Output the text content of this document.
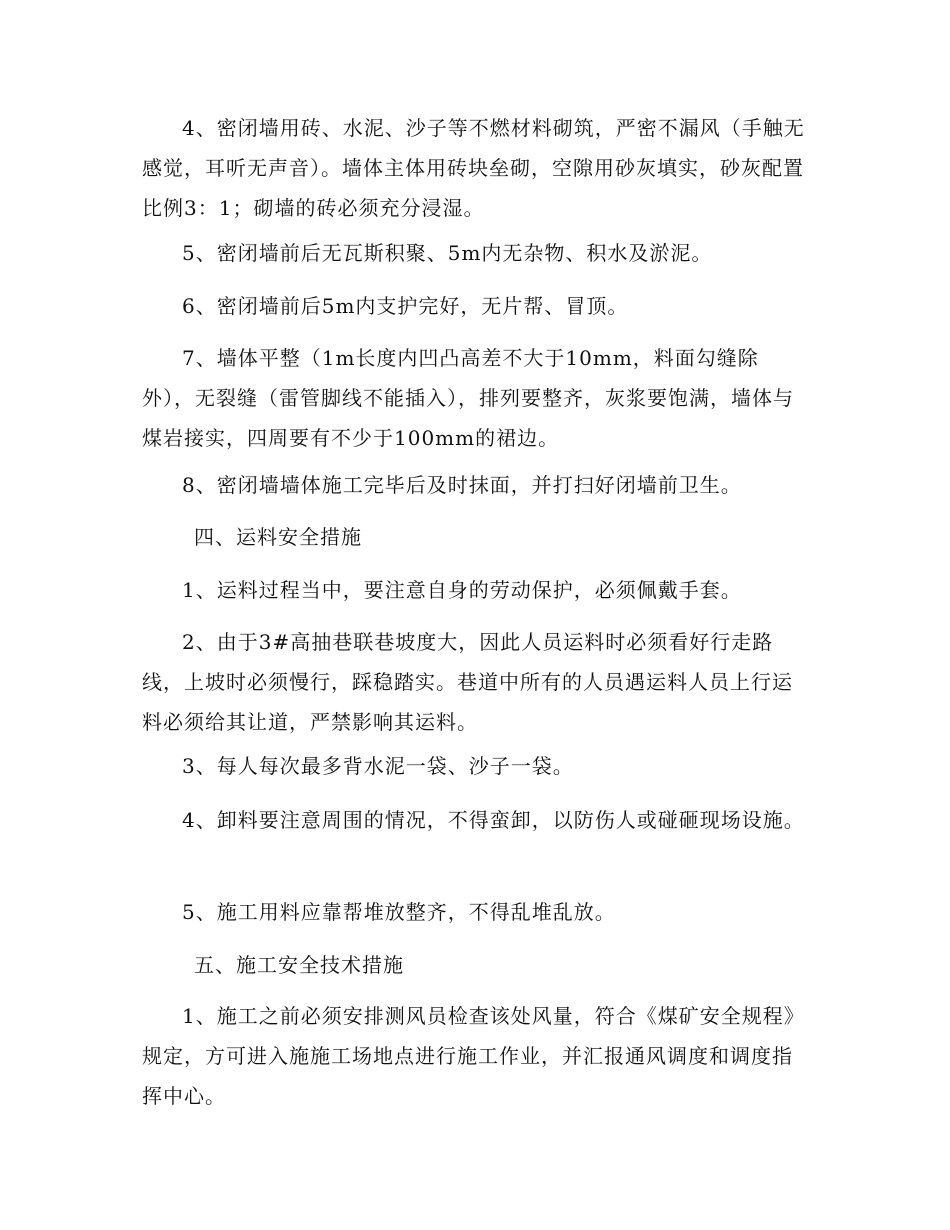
4、密闭墙用砖、水泥、沙子等不燃材料砌筑，严密不漏风（手触无感觉，耳听无声音）。墙体主体用砖块垒砌，空隙用砂灰填实，砂灰配置比例3：1；砌墙的砖必须充分浸湿。

5、密闭墙前后无瓦斯积聚、5m内无杂物、积水及淤泥。

6、密闭墙前后5m内支护完好，无片帮、冒顶。

7、墙体平整（1m长度内凹凸高差不大于10mm，料面勾缝除外），无裂缝（雷管脚线不能插入），排列要整齐，灰浆要饱满，墙体与煤岩接实，四周要有不少于100mm的裙边。

8、密闭墙墙体施工完毕后及时抹面，并打扫好闭墙前卫生。

四、运料安全措施

1、运料过程当中，要注意自身的劳动保护，必须佩戴手套。

2、由于3#高抽巷联巷坡度大，因此人员运料时必须看好行走路线，上坡时必须慢行，踩稳踏实。巷道中所有的人员遇运料人员上行运料必须给其让道，严禁影响其运料。

3、每人每次最多背水泥一袋、沙子一袋。

4、卸料要注意周围的情况，不得蛮卸，以防伤人或碰砸现场设施。

5、施工用料应靠帮堆放整齐，不得乱堆乱放。

五、施工安全技术措施

1、施工之前必须安排测风员检查该处风量，符合《煤矿安全规程》规定，方可进入施施工场地点进行施工作业，并汇报通风调度和调度指挥中心。
